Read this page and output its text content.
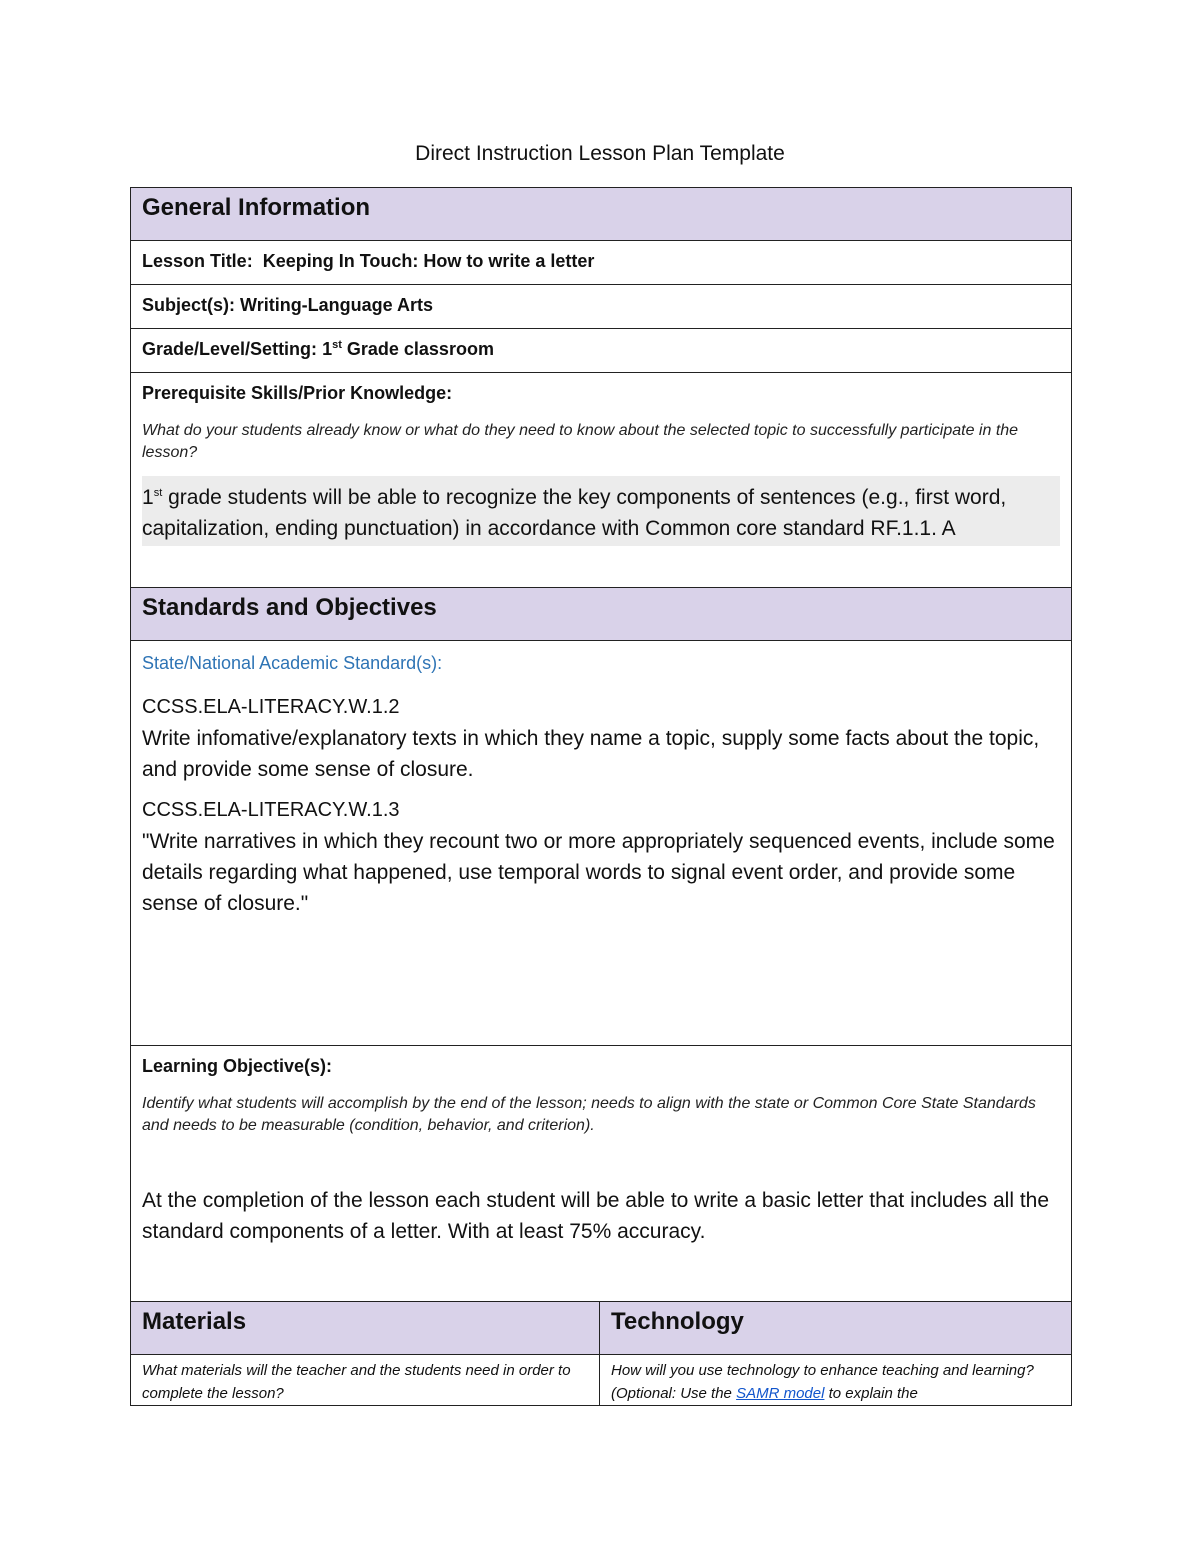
Direct Instruction Lesson Plan Template
General Information	

Lesson Title: Keeping In Touch: How to write a letter	

Subject(s): Writing-Language Arts	

Grade/Level/Setting: 1st Grade classroom	

Prerequisite Skills/Prior Knowledge:
What do your students already know or what do they need to know about the selected topic to successfully participate in the lesson?
1st grade students will be able to recognize the key components of sentences (e.g., first word, capitalization, ending punctuation) in accordance with Common core standard RF.1.1. A	

Standards and Objectives	

State/National Academic Standard(s):
CCSS.ELA-LITERACY.W.1.2
Write infomative/explanatory texts in which they name a topic, supply some facts about the topic, and provide some sense of closure.
CCSS.ELA-LITERACY.W.1.3
"Write narratives in which they recount two or more appropriately sequenced events, include some details regarding what happened, use temporal words to signal event order, and provide some sense of closure."	

Learning Objective(s):
Identify what students will accomplish by the end of the lesson; needs to align with the state or Common Core State Standards and needs to be measurable (condition, behavior, and criterion).
At the completion of the lesson each student will be able to write a basic letter that includes all the standard components of a letter. With at least 75% accuracy.	

Materials	Technology

What materials will the teacher and the students need in order to complete the lesson?	How will you use technology to enhance teaching and learning? (Optional: Use the SAMR model to explain the
